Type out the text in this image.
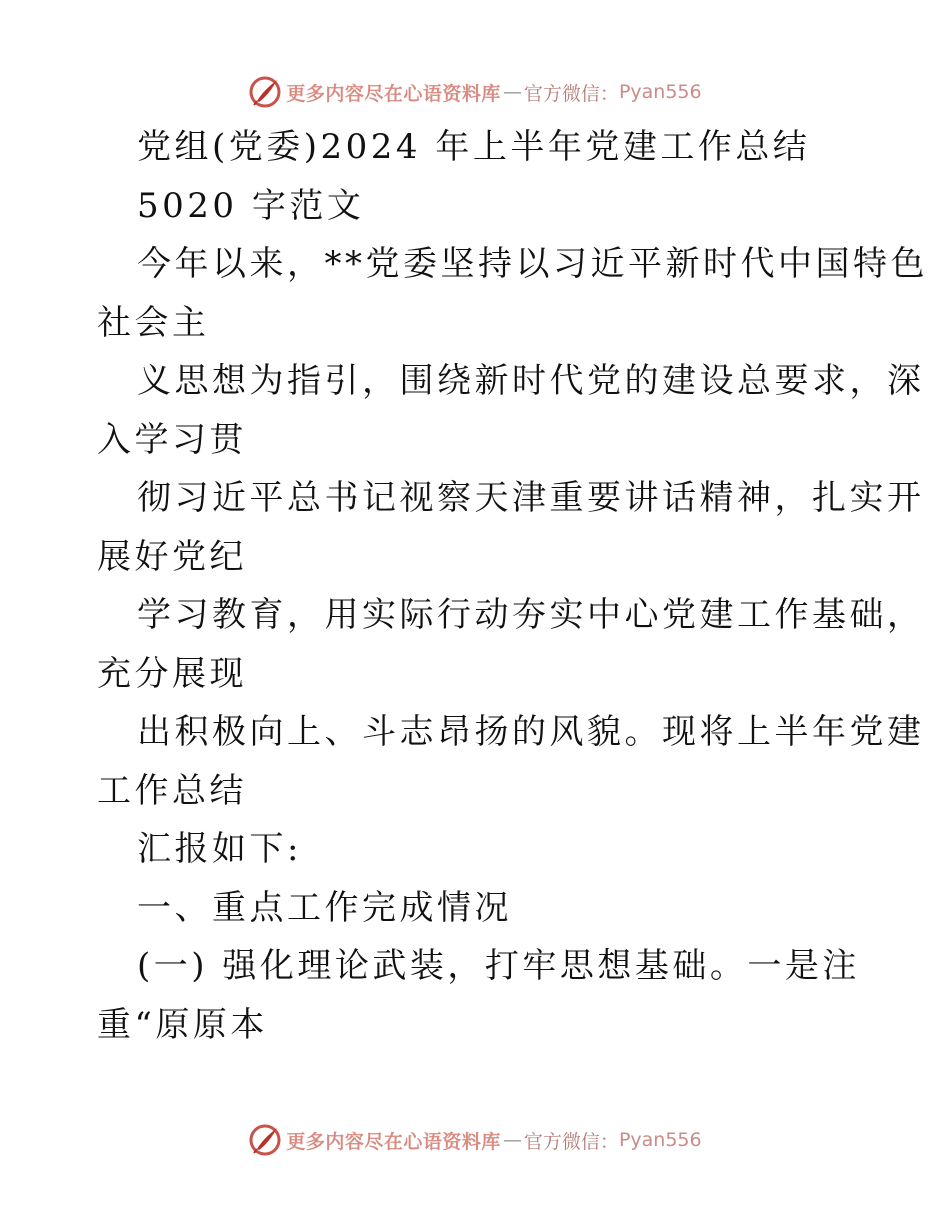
更多内容尽在心语资料库 — 官方微信： Pyan556
党组(党委)2024 年上半年党建工作总结
5020 字范文
今年以来，**党委坚持以习近平新时代中国特色
社会主
义思想为指引，围绕新时代党的建设总要求，深
入学习贯
彻习近平总书记视察天津重要讲话精神，扎实开
展好党纪
学习教育，用实际行动夯实中心党建工作基础，
充分展现
出积极向上、斗志昂扬的风貌。现将上半年党建
工作总结
汇报如下:
一、重点工作完成情况
(一) 强化理论武装，打牢思想基础。一是注
重“原原本
更多内容尽在心语资料库 — 官方微信： Pyan556
